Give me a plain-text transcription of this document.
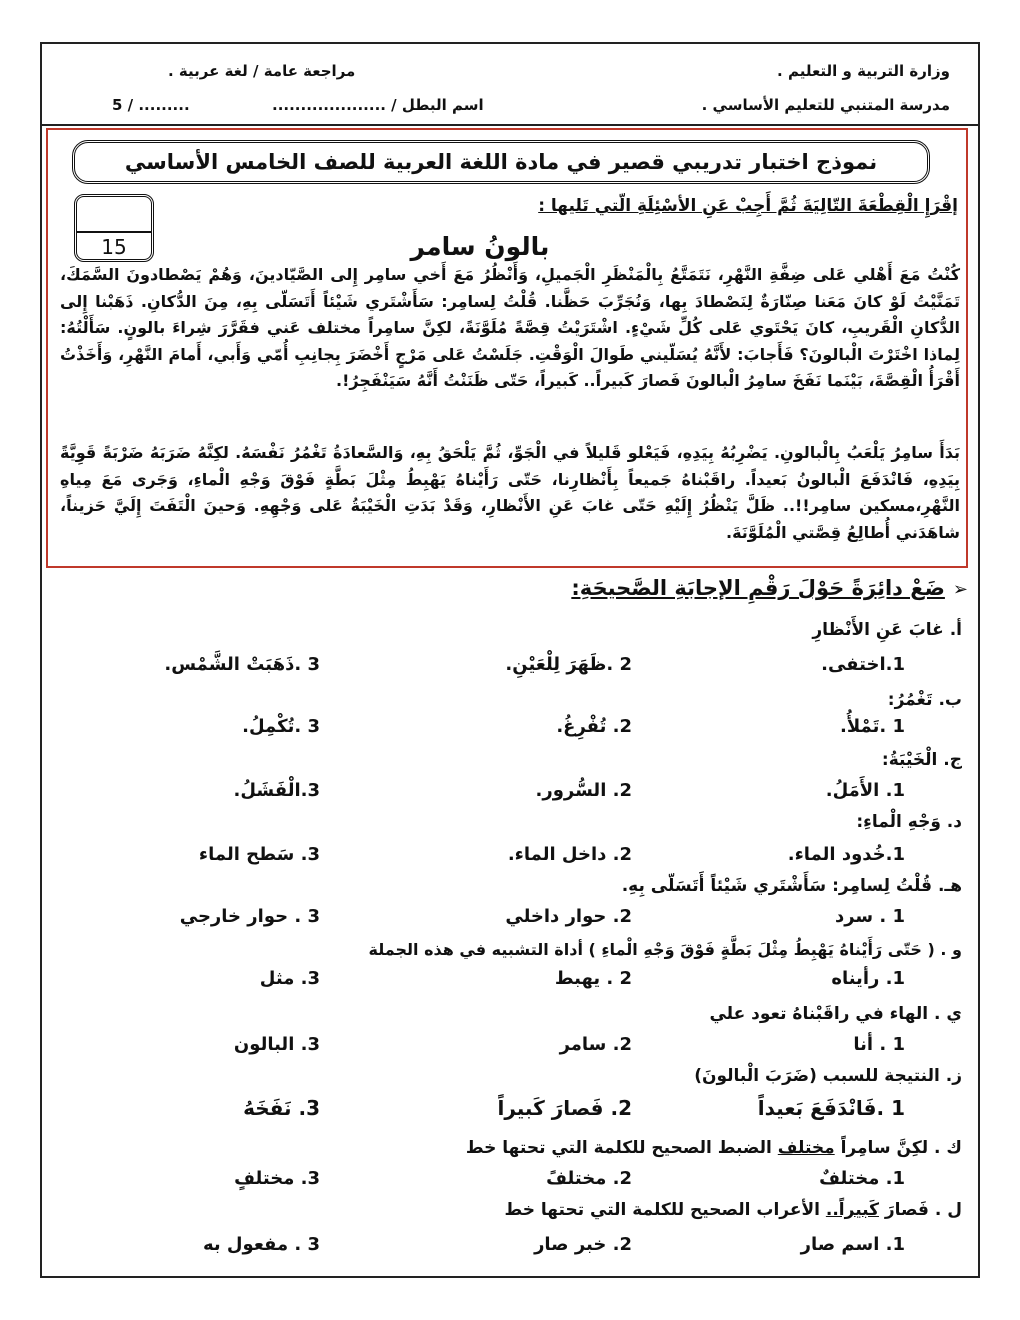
وزارة التربية و التعليم .
مراجعة عامة / لغة عربية .
مدرسة المتنبي للتعليم الأساسي .
اسم البطل / ....................
5 / .........
نموذج اختبار تدريبي قصير في مادة اللغة العربية للصف الخامس الأساسي
إقْرَإِ الْقِطْعَةَ التّالِيَةَ ثُمَّ أَجِبْ عَنِ الأسْئِلَةِ الّتي تَليها :
15	بالونُ سامر
كُنْتُ مَعَ أَهْلي عَلى ضِفَّةِ النَّهْرِ، نَتَمَتَّعُ بِالْمَنْظَرِ الْجَميلِ، وَأَنْظُرُ مَعَ أَخي سامِر إِلى الصَّيّادينَ، وَهُمْ يَصْطادونَ السَّمَكَ، تَمَنَّيْتُ لَوْ كانَ مَعَنا صِنّارَةٌ لِنَصْطادَ بِها، وَنُجَرِّبَ حَظَّنا. قُلْتُ لِسامِر: سَأَشْتَري شَيْئاً أَتَسَلّى بِهِ، مِنَ الدُّكانِ. ذَهَبْنا إِلى الدُّكانِ الْقَريبِ، كانَ يَحْتَوي عَلى كُلِّ شَيْءٍ. اشْتَرَيْتُ قِصَّةً مُلَوَّنَةً، لكِنَّ سامِراً مختلف عَني فقَرَّرَ شِراءَ بالونٍ. سَأَلْتُهُ: لِماذا اخْتَرْتَ الْبالونَ؟ فَأَجابَ: لأَنَّهُ يُسَلّيني طَوالَ الْوَقْتِ. جَلَسْتُ عَلى مَرْجٍ أَخْضَرَ بِجانِبِ أُمّي وَأَبي، أَمامَ النَّهْرِ، وَأَخَذْتُ أَقْرَأُ الْقِصَّةَ، بَيْنَما نَفَخَ سامِرُ الْبالونَ فَصارَ كَبيراً.. كَبيراً، حَتّى ظَنَنْتُ أَنَّهُ سَيَنْفَجِرُ!.
بَدَأَ سامِرُ يَلْعَبُ بِالْبالونِ. يَضْرِبُهُ بِيَدِهِ، فَيَعْلو قَليلاً في الْجَوِّ، ثُمَّ يَلْحَقُ بِهِ، وَالسَّعادَةُ تَغْمُرُ نَفْسَهُ. لكِنَّهُ ضَرَبَهُ ضَرْبَةً قَوِيَّةً بِيَدِهِ، فَانْدَفَعَ الْبالونُ بَعيداً. راقَبْناهُ جَميعاً بِأَنْظارِنا، حَتّى رَأَيْناهُ يَهْبِطُ مِثْلَ بَطَّةٍ فَوْقَ وَجْهِ الْماءِ، وَجَرى مَعَ مِياهِ النَّهْرِ،مسكين سامِر!!.. ظَلَّ يَنْظُرُ إِلَيْهِ حَتّى غابَ عَنِ الأَنْظارِ، وَقَدْ بَدَتِ الْخَيْبَةُ عَلى وَجْهِهِ. وَحينَ الْتَفَتَ إِلَيَّ حَزيناً، شاهَدَني أُطالِعُ قِصَّتي الْمُلَوَّنَةَ.
➢ضَعْ دائِرَةً حَوْلَ رَقْمِ الإجابَةِ الصَّحيحَةِ:
أ. غابَ عَنِ الأَنْظارِ
1.اختفى.
2 .ظَهَرَ لِلْعَيْنِ.
3 .ذَهَبَتْ الشَّمْس.
ب. تَغْمُرُ:
1 .تَمْلأُ.
2. تُفْرِغُ.
3 .تُكْمِلُ.
ج. الْخَيْبَةُ:
1. الأَمَلُ.
2. السُّرور.
3.الْفَشَلُ.
د. وَجْهِ الْماءِ:
1.خُدود الماء.
2. داخل الماء.
3. سَطح الماء
هـ. قُلْتُ لِسامِر: سَأَشْتَري شَيْئاً أَتَسَلّى بِهِ.
1 . سرد
2. حوار داخلي
3 . حوار خارجي
و . ( حَتّى رَأَيْناهُ يَهْبِطُ مِثْلَ بَطَّةٍ فَوْقَ وَجْهِ الْماءِ ) أداة التشبيه في هذه الجملة
1. رأيناه
2 . يهبط
3. مثل
ي . الهاء في راقَبْناهُ تعود علي
1 . أنا
2. سامر
3. البالون
ز. النتيجة للسبب (ضَرَبَ الْبالونَ)
1 .فَانْدَفَعَ بَعيداً
2. فَصارَ كَبيراً
3. نَفَخَهُ
ك . لكِنَّ سامِراً مختلف الضبط الصحيح للكلمة التي تحتها خط
1. مختلفٌ
2. مختلفً
3. مختلفٍ
ل . فَصارَ كَبيراً.. الأعراب الصحيح للكلمة التي تحتها خط
1. اسم صار
2. خبر صار
3 . مفعول به
